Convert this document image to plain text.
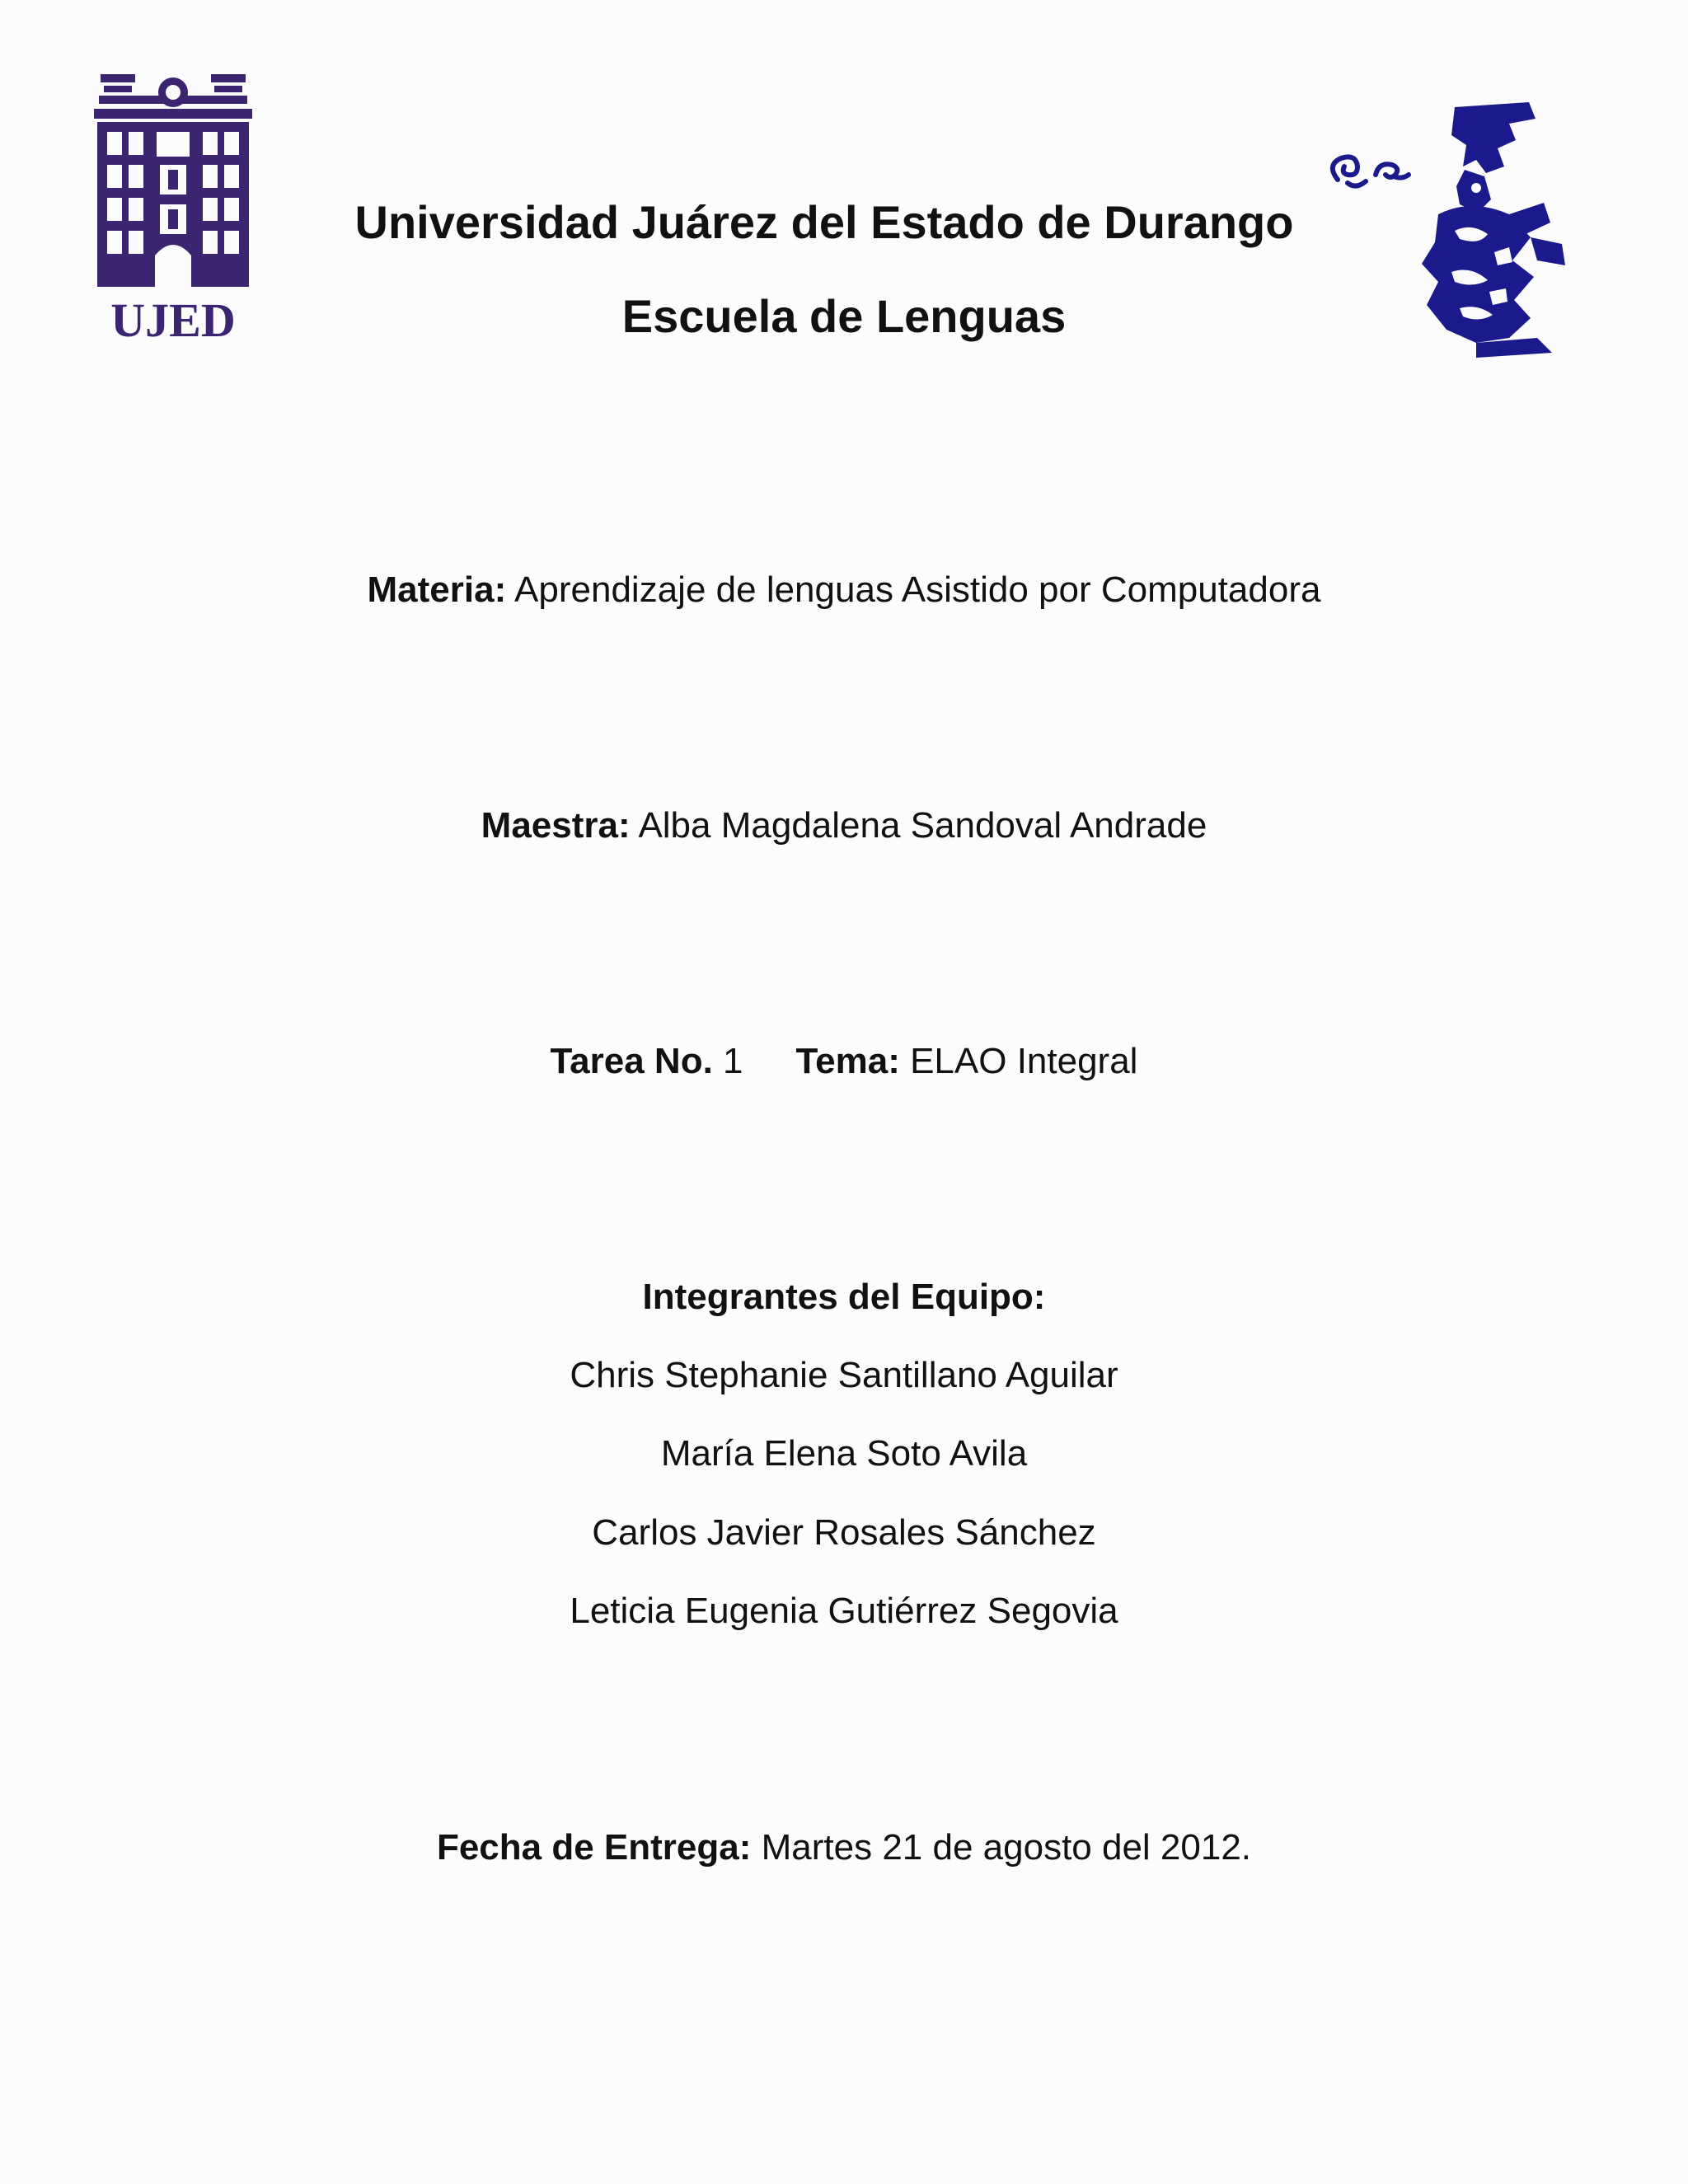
UJED
Universidad Juárez del Estado de Durango
Escuela de Lenguas
Materia: Aprendizaje de lenguas Asistido por Computadora
Maestra: Alba Magdalena Sandoval Andrade
Tarea No. 1 Tema: ELAO Integral
Integrantes del Equipo:
Chris Stephanie Santillano Aguilar
María Elena Soto Avila
Carlos Javier Rosales Sánchez
Leticia Eugenia Gutiérrez Segovia
Fecha de Entrega: Martes 21 de agosto del 2012.
